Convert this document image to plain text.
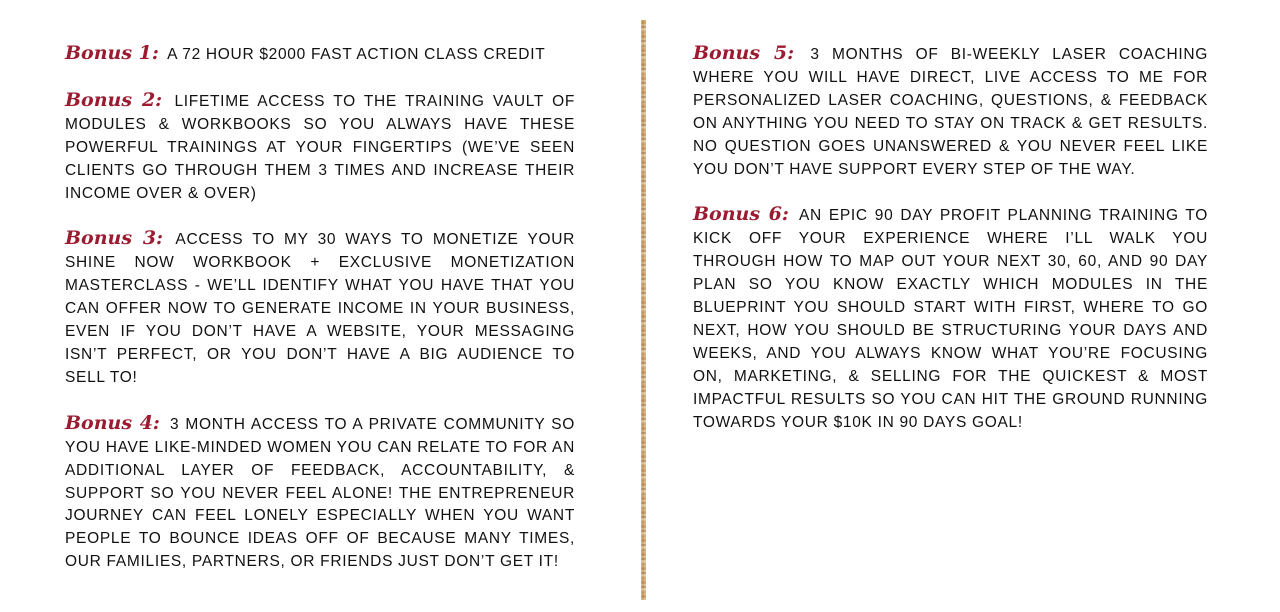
Bonus 1: A 72 HOUR $2000 FAST ACTION CLASS CREDIT

Bonus 2: LIFETIME ACCESS TO THE TRAINING VAULT OF MODULES & WORKBOOKS SO YOU ALWAYS HAVE THESE POWERFUL TRAININGS AT YOUR FINGERTIPS (WE’VE SEEN CLIENTS GO THROUGH THEM 3 TIMES AND INCREASE THEIR INCOME OVER & OVER)

Bonus 3: ACCESS TO MY 30 WAYS TO MONETIZE YOUR SHINE NOW WORKBOOK + EXCLUSIVE MONETIZATION MASTERCLASS - WE’LL IDENTIFY WHAT YOU HAVE THAT YOU CAN OFFER NOW TO GENERATE INCOME IN YOUR BUSINESS, EVEN IF YOU DON’T HAVE A WEBSITE, YOUR MESSAGING ISN’T PERFECT, OR YOU DON’T HAVE A BIG AUDIENCE TO SELL TO!

Bonus 4: 3 MONTH ACCESS TO A PRIVATE COMMUNITY SO YOU HAVE LIKE-MINDED WOMEN YOU CAN RELATE TO FOR AN ADDITIONAL LAYER OF FEEDBACK, ACCOUNTABILITY, & SUPPORT SO YOU NEVER FEEL ALONE! THE ENTREPRENEUR JOURNEY CAN FEEL LONELY ESPECIALLY WHEN YOU WANT PEOPLE TO BOUNCE IDEAS OFF OF BECAUSE MANY TIMES, OUR FAMILIES, PARTNERS, OR FRIENDS JUST DON’T GET IT!

Bonus 5: 3 MONTHS OF BI-WEEKLY LASER COACHING WHERE YOU WILL HAVE DIRECT, LIVE ACCESS TO ME FOR PERSONALIZED LASER COACHING, QUESTIONS, & FEEDBACK ON ANYTHING YOU NEED TO STAY ON TRACK & GET RESULTS. NO QUESTION GOES UNANSWERED & YOU NEVER FEEL LIKE YOU DON’T HAVE SUPPORT EVERY STEP OF THE WAY.

Bonus 6: AN EPIC 90 DAY PROFIT PLANNING TRAINING TO KICK OFF YOUR EXPERIENCE WHERE I’LL WALK YOU THROUGH HOW TO MAP OUT YOUR NEXT 30, 60, AND 90 DAY PLAN SO YOU KNOW EXACTLY WHICH MODULES IN THE BLUEPRINT YOU SHOULD START WITH FIRST, WHERE TO GO NEXT, HOW YOU SHOULD BE STRUCTURING YOUR DAYS AND WEEKS, AND YOU ALWAYS KNOW WHAT YOU’RE FOCUSING ON, MARKETING, & SELLING FOR THE QUICKEST & MOST IMPACTFUL RESULTS SO YOU CAN HIT THE GROUND RUNNING TOWARDS YOUR $10K IN 90 DAYS GOAL!
